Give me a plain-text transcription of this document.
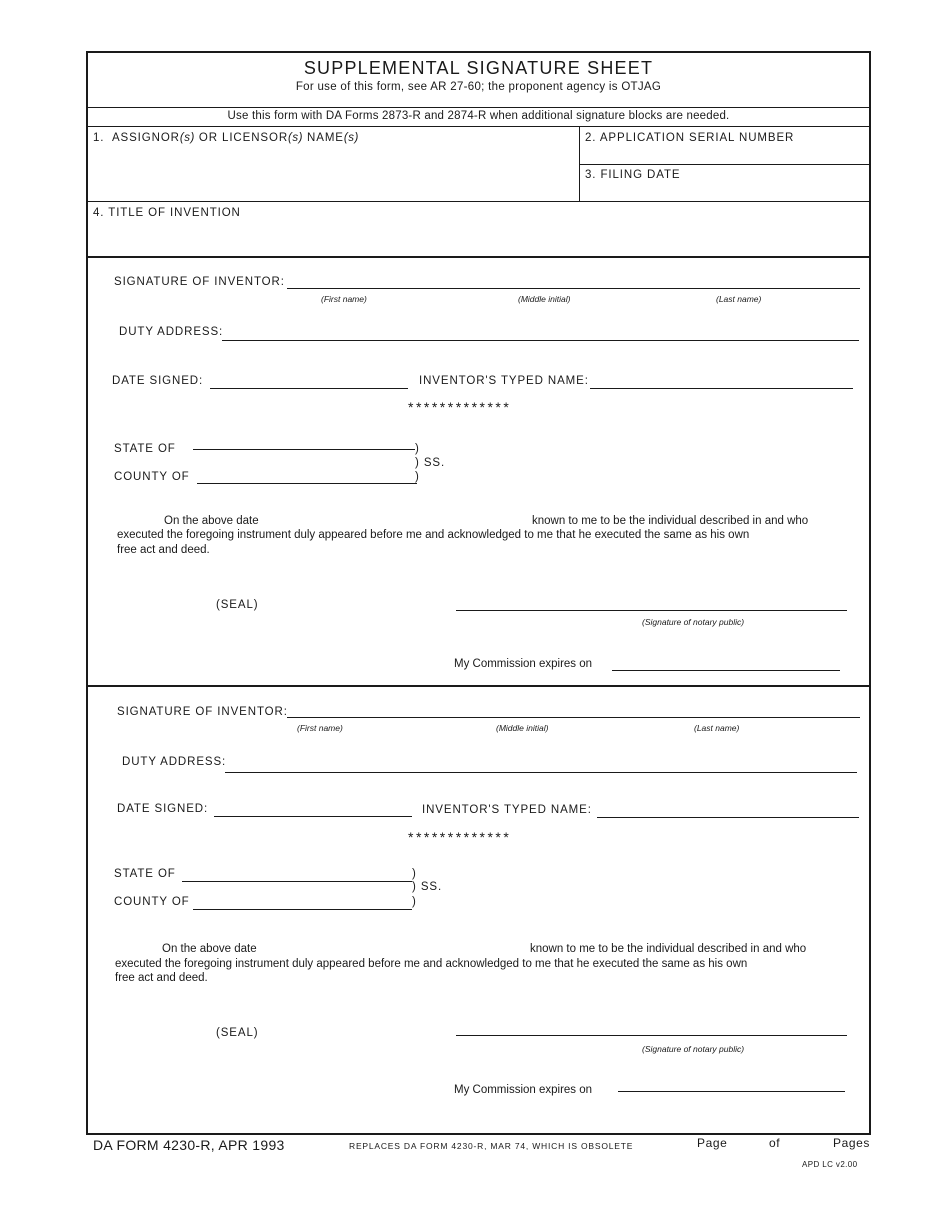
SUPPLEMENTAL SIGNATURE SHEET
For use of this form, see AR 27-60; the proponent agency is OTJAG
Use this form with DA Forms 2873-R and 2874-R when additional signature blocks are needed.
1. ASSIGNOR(s) OR LICENSOR(s) NAME(s)	2. APPLICATION SERIAL NUMBER
3. FILING DATE
4. TITLE OF INVENTION
SIGNATURE OF INVENTOR:
(First name)	(Middle initial)	(Last name)
DUTY ADDRESS:
DATE SIGNED:	INVENTOR'S TYPED NAME:
*************
STATE OF	)
) SS.
COUNTY OF	)
On the above date	known to me to be the individual described in and who
executed the foregoing instrument duly appeared before me and acknowledged to me that he executed the same as his own
free act and deed.
(SEAL)
(Signature of notary public)
My Commission expires on
SIGNATURE OF INVENTOR:
(First name)	(Middle initial)	(Last name)
DUTY ADDRESS:
DATE SIGNED:	INVENTOR'S TYPED NAME:
*************
STATE OF	)
) SS.
COUNTY OF	)
On the above date	known to me to be the individual described in and who
executed the foregoing instrument duly appeared before me and acknowledged to me that he executed the same as his own
free act and deed.
(SEAL)
(Signature of notary public)
My Commission expires on
DA FORM 4230-R, APR 1993	REPLACES DA FORM 4230-R, MAR 74, WHICH IS OBSOLETE	Page	of	Pages
APD LC v2.00
